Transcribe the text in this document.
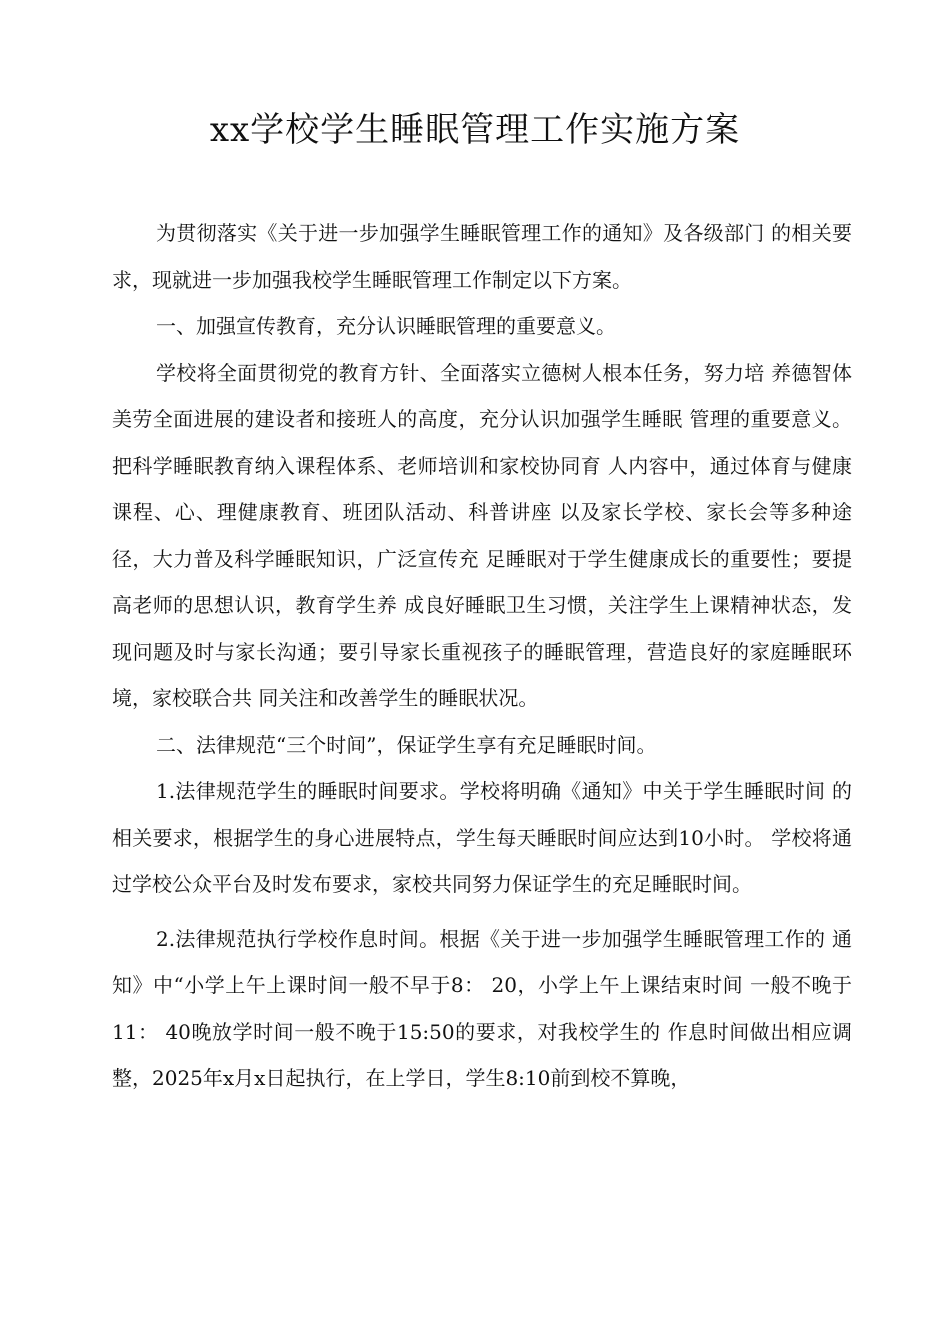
xx学校学生睡眠管理工作实施方案

为贯彻落实《关于进一步加强学生睡眠管理工作的通知》及各级部门 的相关要求，现就进一步加强我校学生睡眠管理工作制定以下方案。

一、加强宣传教育，充分认识睡眠管理的重要意义。

学校将全面贯彻党的教育方针、全面落实立德树人根本任务，努力培 养德智体美劳全面进展的建设者和接班人的高度，充分认识加强学生睡眠 管理的重要意义。把科学睡眠教育纳入课程体系、老师培训和家校协同育 人内容中，通过体育与健康课程、心、理健康教育、班团队活动、科普讲座 以及家长学校、家长会等多种途径，大力普及科学睡眠知识，广泛宣传充 足睡眠对于学生健康成长的重要性；要提高老师的思想认识，教育学生养 成良好睡眠卫生习惯，关注学生上课精神状态，发现问题及时与家长沟通；要引导家长重视孩子的睡眠管理，营造良好的家庭睡眠环境，家校联合共 同关注和改善学生的睡眠状况。

二、法律规范“三个时间”，保证学生享有充足睡眠时间。

1.法律规范学生的睡眠时间要求。学校将明确《通知》中关于学生睡眠时间 的相关要求，根据学生的身心进展特点，学生每天睡眠时间应达到10小时。 学校将通过学校公众平台及时发布要求，家校共同努力保证学生的充足睡眠时间。

2.法律规范执行学校作息时间。根据《关于进一步加强学生睡眠管理工作的 通知》中“小学上午上课时间一般不早于8： 20，小学上午上课结束时间 一般不晚于11： 40晚放学时间一般不晚于15:50的要求，对我校学生的 作息时间做出相应调整，2025年x月x日起执行，在上学日，学生8:10前到校不算晚，
